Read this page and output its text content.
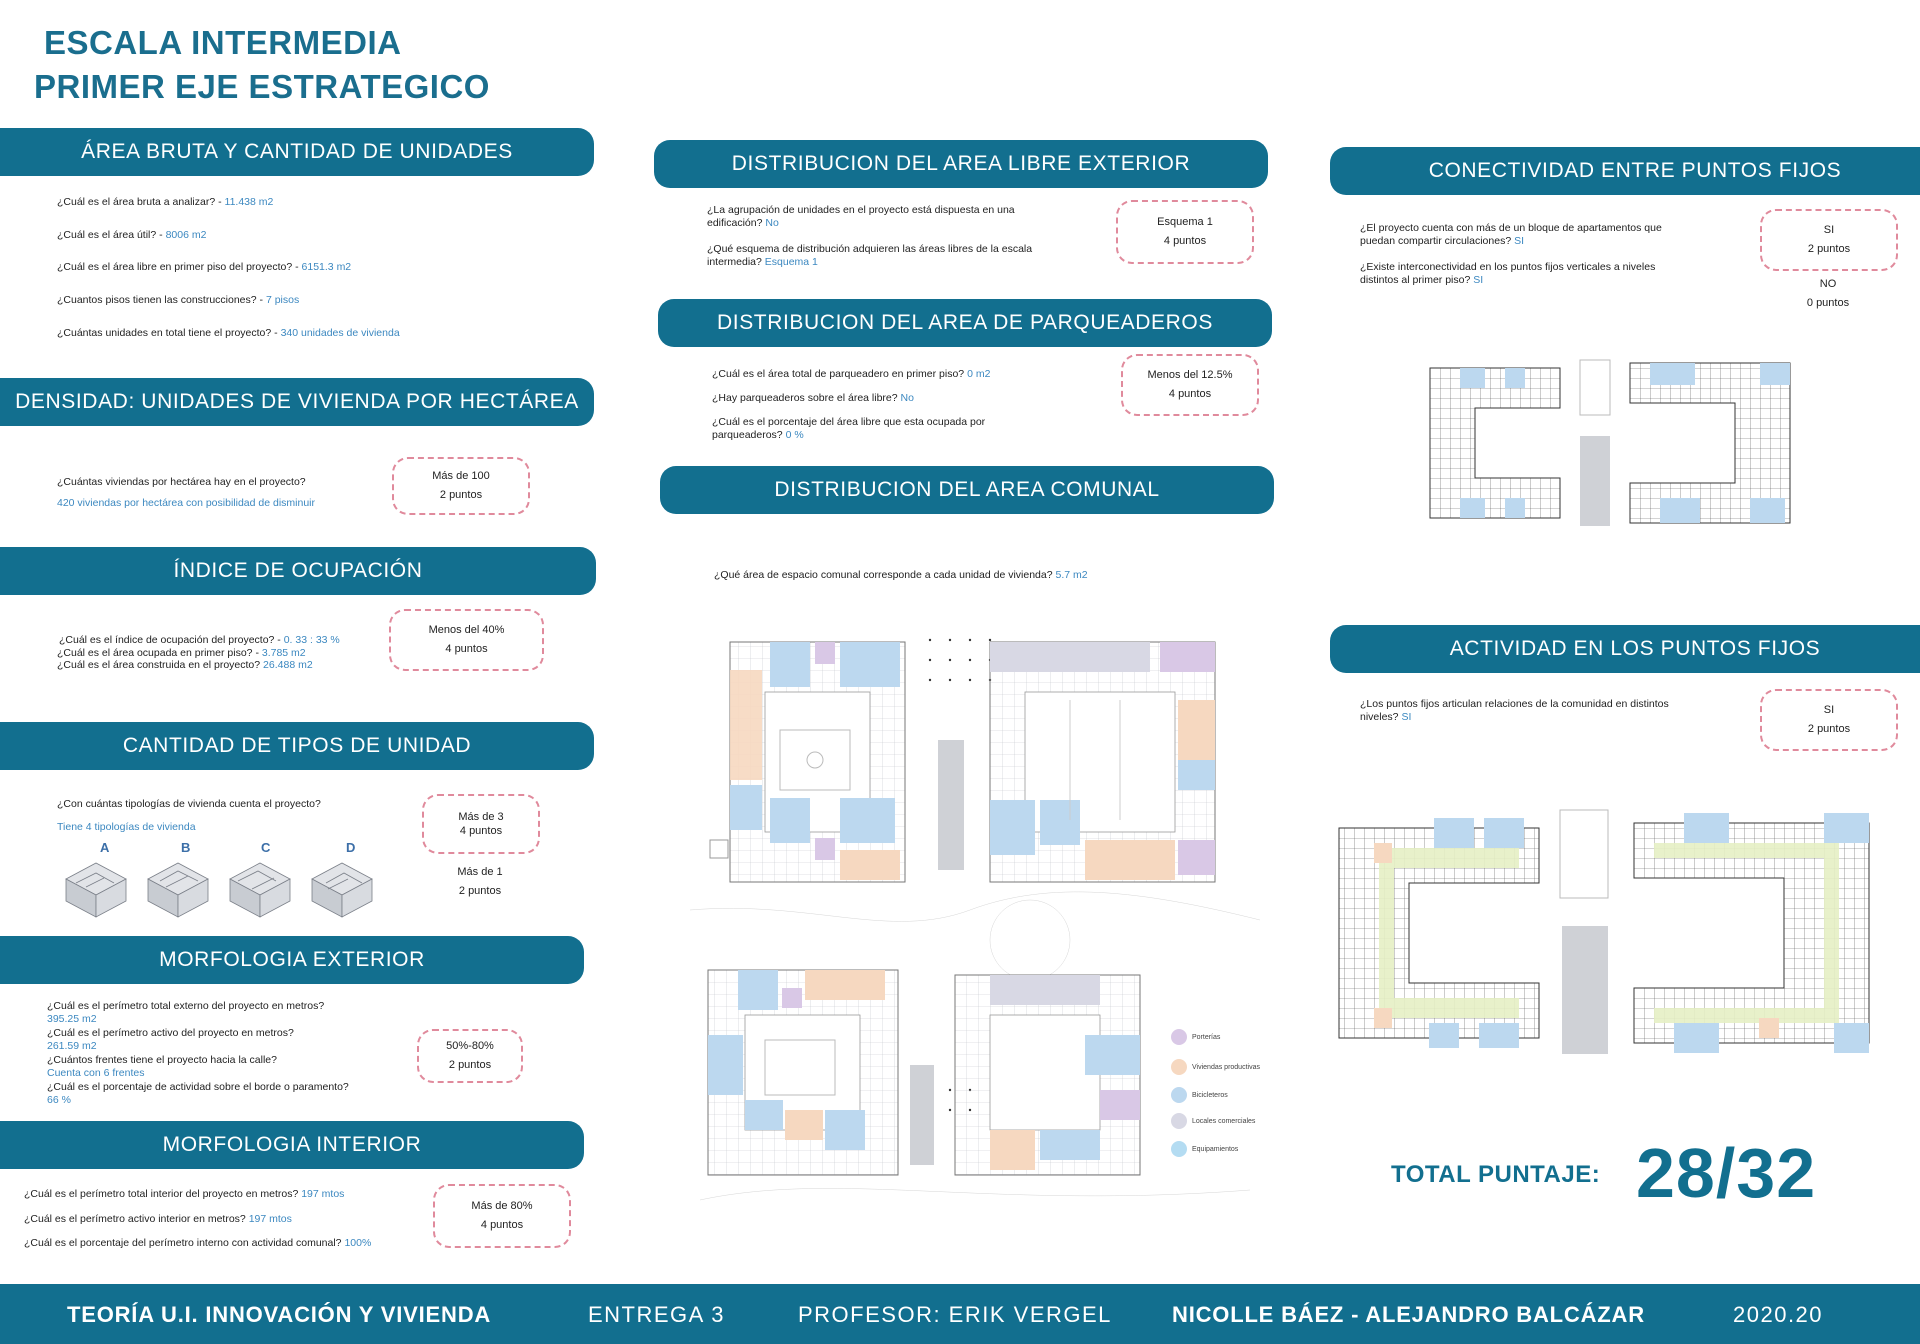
ESCALA INTERMEDIA
PRIMER EJE ESTRATEGICO
ÁREA BRUTA Y CANTIDAD DE UNIDADES
¿Cuál es el área bruta a analizar? - 11.438 m2
¿Cuál es el área útil? - 8006 m2
¿Cuál es el área libre en primer piso del proyecto? - 6151.3 m2
¿Cuantos pisos tienen las construcciones? - 7 pisos
¿Cuántas unidades en total tiene el proyecto? - 340 unidades de vivienda
DENSIDAD: UNIDADES DE VIVIENDA POR HECTÁREA
¿Cuántas viviendas por hectárea hay en el proyecto?
420 viviendas por hectárea con posibilidad de disminuir
Más de 100
2 puntos
ÍNDICE DE OCUPACIÓN
¿Cuál es el índice de ocupación del proyecto? - 0. 33 : 33 %
¿Cuál es el área ocupada en primer piso? - 3.785 m2
¿Cuál es el área construida en el proyecto? 26.488 m2
Menos del 40%
4 puntos
CANTIDAD DE TIPOS DE UNIDAD
¿Con cuántas tipologías de vivienda cuenta el proyecto?
Tiene 4 tipologías de vivienda
Más de 3
4 puntos
Más de 1
2 puntos
A	B	C	D
MORFOLOGIA EXTERIOR
¿Cuál es el perímetro total externo del proyecto en metros?
395.25 m2
¿Cuál es el perímetro activo del proyecto en metros?
261.59 m2
¿Cuántos frentes tiene el proyecto hacia la calle?
Cuenta con 6 frentes
¿Cuál es el porcentaje de actividad sobre el borde o paramento?
66 %
50%-80%
2 puntos
MORFOLOGIA INTERIOR
¿Cuál es el perímetro total interior del proyecto en metros? 197 mtos
¿Cuál es el perímetro activo interior en metros? 197 mtos
¿Cuál es el porcentaje del perímetro interno con actividad comunal? 100%
Más de 80%
4 puntos
DISTRIBUCION DEL AREA LIBRE EXTERIOR
¿La agrupación de unidades en el proyecto está dispuesta en una edificación? No
¿Qué esquema de distribución adquieren las áreas libres de la escala intermedia? Esquema 1
Esquema 1
4 puntos
DISTRIBUCION DEL AREA DE PARQUEADEROS
¿Cuál es el área total de parqueadero en primer piso? 0 m2
¿Hay parqueaderos sobre el área libre? No
¿Cuál es el porcentaje del área libre que esta ocupada por parqueaderos? 0 %
Menos del 12.5%
4 puntos
DISTRIBUCION DEL AREA COMUNAL
¿Qué área de espacio comunal corresponde a cada unidad de vivienda? 5.7 m2
Porterías
Viviendas productivas
Bicicleteros
Locales comerciales
Equipamientos
CONECTIVIDAD ENTRE PUNTOS FIJOS
¿El proyecto cuenta con más de un bloque de apartamentos que puedan compartir circulaciones? SI
¿Existe interconectividad en los puntos fijos verticales a niveles distintos al primer piso? SI
SI
2 puntos
NO
0 puntos
ACTIVIDAD EN LOS PUNTOS FIJOS
¿Los puntos fijos articulan relaciones de la comunidad en distintos niveles? SI
SI
2 puntos
TOTAL PUNTAJE: 28/32
TEORÍA U.I. INNOVACIÓN Y VIVIENDA	ENTREGA 3	PROFESOR: ERIK VERGEL	NICOLLE BÁEZ - ALEJANDRO BALCÁZAR	2020.20
